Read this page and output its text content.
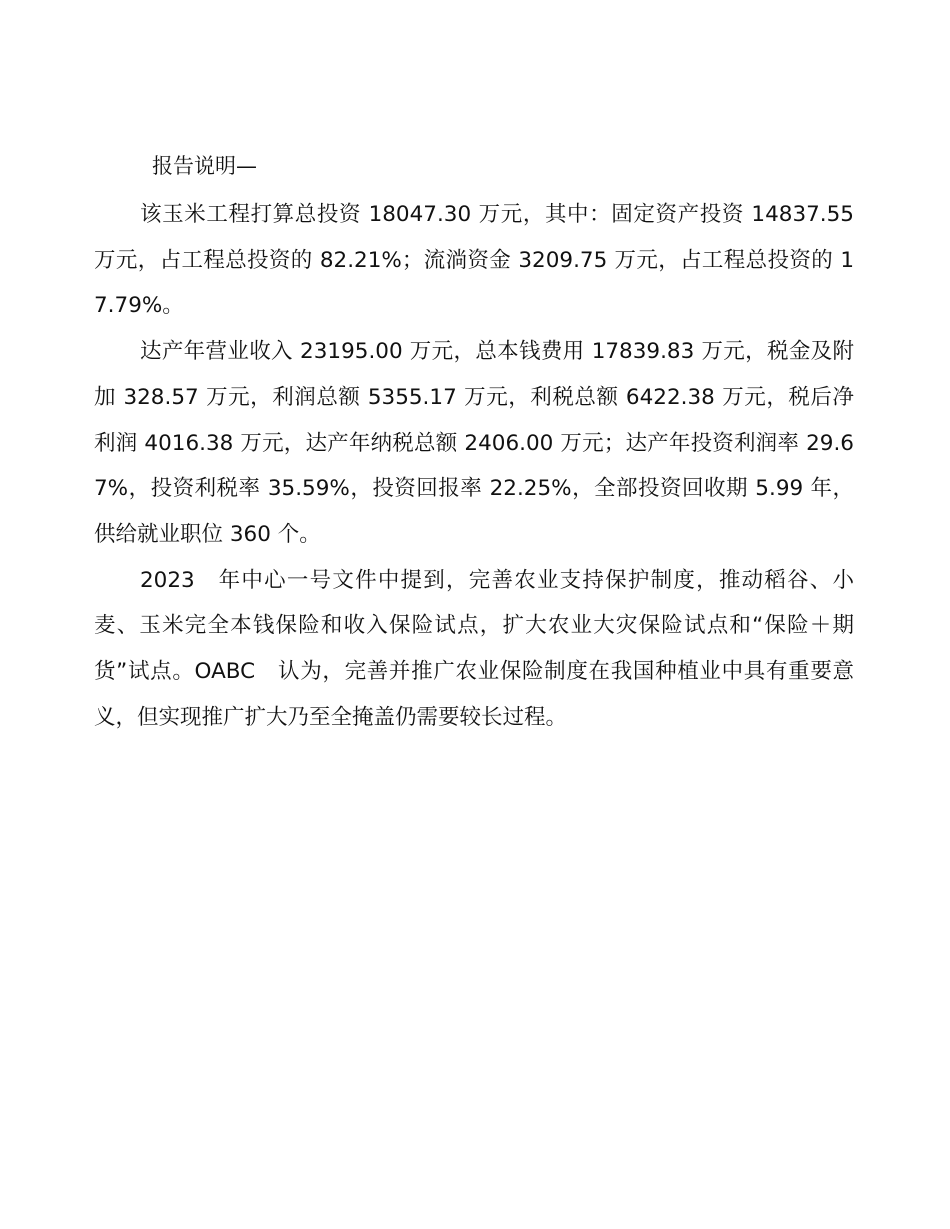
报告说明—

该玉米工程打算总投资 18047.30 万元，其中：固定资产投资 14837.55 万元，占工程总投资的 82.21%；流淌资金 3209.75 万元，占工程总投资的 17.79%。

达产年营业收入 23195.00 万元，总本钱费用 17839.83 万元，税金及附加 328.57 万元，利润总额 5355.17 万元，利税总额 6422.38 万元，税后净利润 4016.38 万元，达产年纳税总额 2406.00 万元；达产年投资利润率 29.67%，投资利税率 35.59%，投资回报率 22.25%，全部投资回收期 5.99 年，供给就业职位 360 个。

2023　年中心一号文件中提到，完善农业支持保护制度，推动稻谷、小麦、玉米完全本钱保险和收入保险试点，扩大农业大灾保险试点和“保险＋期货”试点。OABC　认为，完善并推广农业保险制度在我国种植业中具有重要意义，但实现推广扩大乃至全掩盖仍需要较长过程。
